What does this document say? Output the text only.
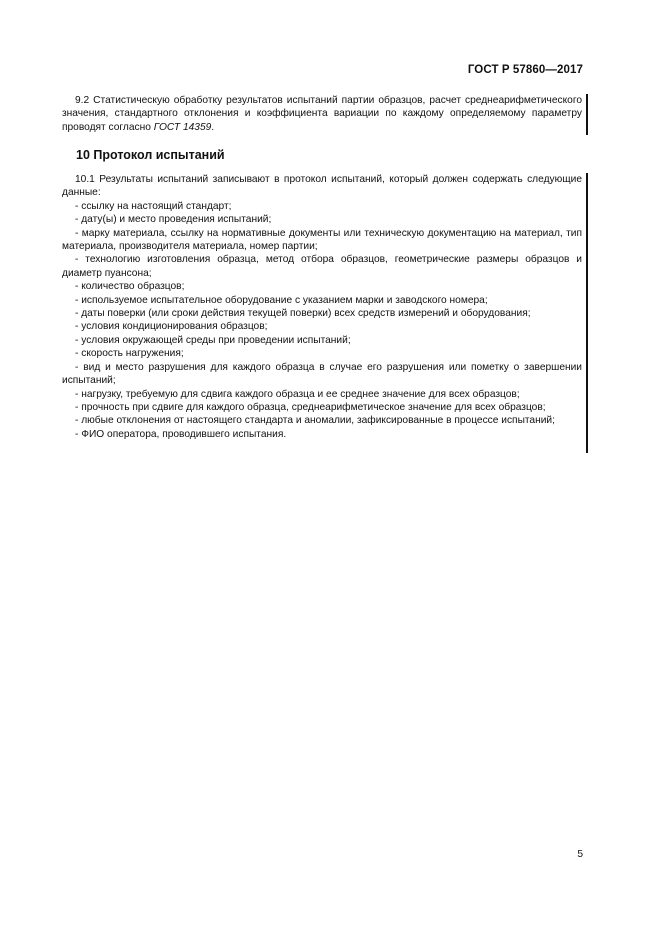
ГОСТ Р 57860—2017

9.2 Статистическую обработку результатов испытаний партии образцов, расчет среднеарифметического значения, стандартного отклонения и коэффициента вариации по каждому определяемому параметру проводят согласно ГОСТ 14359.

10 Протокол испытаний
10.1 Результаты испытаний записывают в протокол испытаний, который должен содержать следующие данные:
- ссылку на настоящий стандарт;
- дату(ы) и место проведения испытаний;
- марку материала, ссылку на нормативные документы или техническую документацию на материал, тип материала, производителя материала, номер партии;
- технологию изготовления образца, метод отбора образцов, геометрические размеры образцов и диаметр пуансона;
- количество образцов;
- используемое испытательное оборудование с указанием марки и заводского номера;
- даты поверки (или сроки действия текущей поверки) всех средств измерений и оборудования;
- условия кондиционирования образцов;
- условия окружающей среды при проведении испытаний;
- скорость нагружения;
- вид и место разрушения для каждого образца в случае его разрушения или пометку о завершении испытаний;
- нагрузку, требуемую для сдвига каждого образца и ее среднее значение для всех образцов;
- прочность при сдвиге для каждого образца, среднеарифметическое значение для всех образцов;
- любые отклонения от настоящего стандарта и аномалии, зафиксированные в процессе испытаний;
- ФИО оператора, проводившего испытания.
5
